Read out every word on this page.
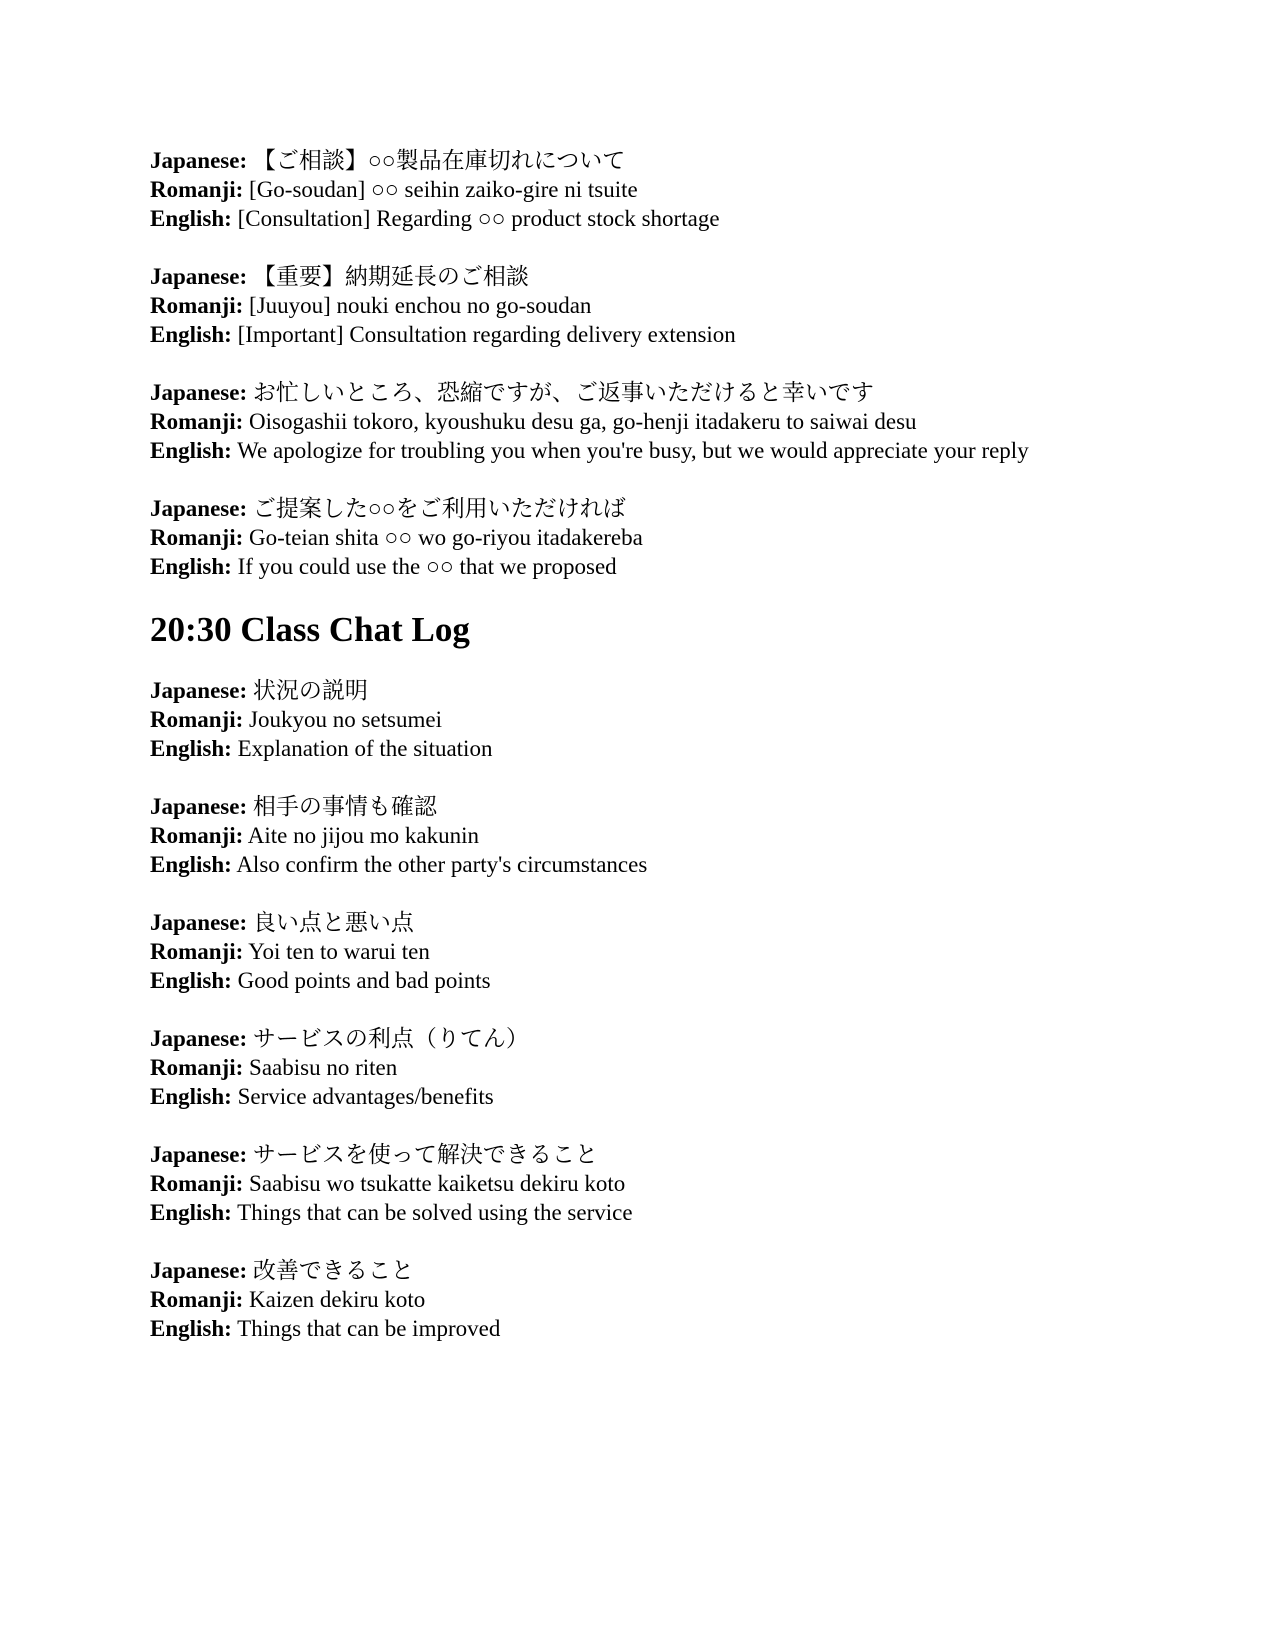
Japanese: 【ご相談】○○製品在庫切れについて
Romanji: [Go-soudan] ○○ seihin zaiko-gire ni tsuite
English: [Consultation] Regarding ○○ product stock shortage
Japanese: 【重要】納期延長のご相談
Romanji: [Juuyou] nouki enchou no go-soudan
English: [Important] Consultation regarding delivery extension
Japanese: お忙しいところ、恐縮ですが、ご返事いただけると幸いです
Romanji: Oisogashii tokoro, kyoushuku desu ga, go-henji itadakeru to saiwai desu
English: We apologize for troubling you when you're busy, but we would appreciate your reply
Japanese: ご提案した○○をご利用いただければ
Romanji: Go-teian shita ○○ wo go-riyou itadakereba
English: If you could use the ○○ that we proposed
20:30 Class Chat Log
Japanese: 状況の説明
Romanji: Joukyou no setsumei
English: Explanation of the situation
Japanese: 相手の事情も確認
Romanji: Aite no jijou mo kakunin
English: Also confirm the other party's circumstances
Japanese: 良い点と悪い点
Romanji: Yoi ten to warui ten
English: Good points and bad points
Japanese: サービスの利点（りてん）
Romanji: Saabisu no riten
English: Service advantages/benefits
Japanese: サービスを使って解決できること
Romanji: Saabisu wo tsukatte kaiketsu dekiru koto
English: Things that can be solved using the service
Japanese: 改善できること
Romanji: Kaizen dekiru koto
English: Things that can be improved
